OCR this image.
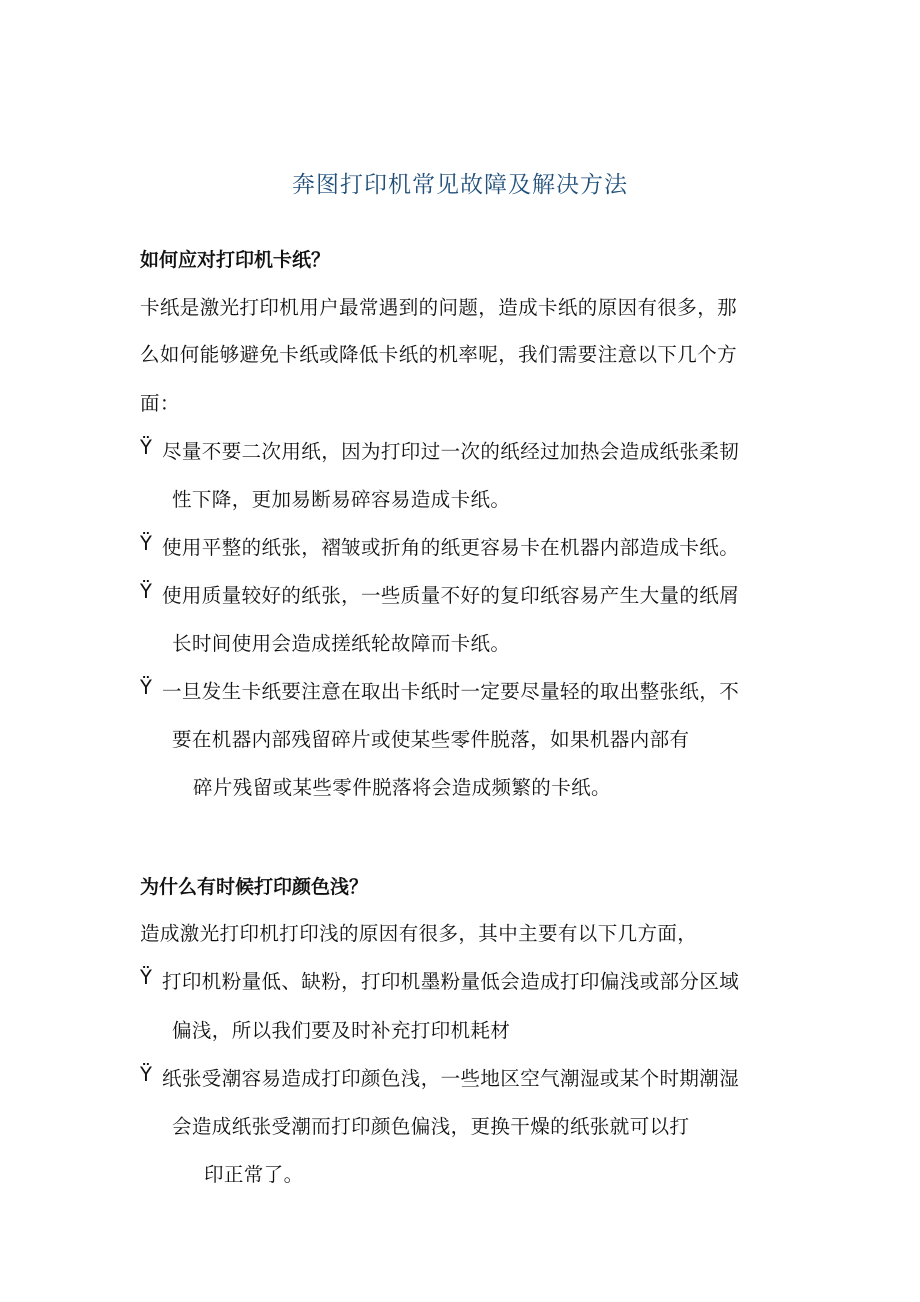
奔图打印机常见故障及解决方法
如何应对打印机卡纸？
卡纸是激光打印机用户最常遇到的问题，造成卡纸的原因有很多，那
么如何能够避免卡纸或降低卡纸的机率呢，我们需要注意以下几个方
面：
Ÿ 尽量不要二次用纸，因为打印过一次的纸经过加热会造成纸张柔韧
性下降，更加易断易碎容易造成卡纸。
Ÿ 使用平整的纸张，褶皱或折角的纸更容易卡在机器内部造成卡纸。
Ÿ 使用质量较好的纸张，一些质量不好的复印纸容易产生大量的纸屑
长时间使用会造成搓纸轮故障而卡纸。
Ÿ 一旦发生卡纸要注意在取出卡纸时一定要尽量轻的取出整张纸，不
要在机器内部残留碎片或使某些零件脱落，如果机器内部有
碎片残留或某些零件脱落将会造成频繁的卡纸。
为什么有时候打印颜色浅？
造成激光打印机打印浅的原因有很多，其中主要有以下几方面，
Ÿ 打印机粉量低、缺粉，打印机墨粉量低会造成打印偏浅或部分区域
偏浅，所以我们要及时补充打印机耗材
Ÿ 纸张受潮容易造成打印颜色浅，一些地区空气潮湿或某个时期潮湿
会造成纸张受潮而打印颜色偏浅，更换干燥的纸张就可以打
印正常了。
